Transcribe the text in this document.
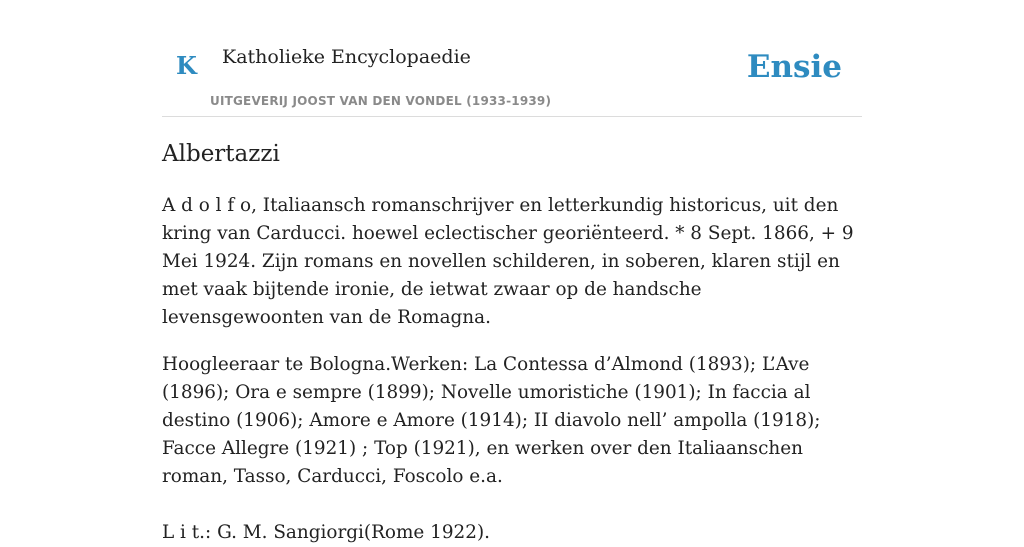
K Katholieke Encyclopaedie
UITGEVERIJ JOOST VAN DEN VONDEL (1933-1939)
Ensie
Albertazzi

A d o l f o, Italiaansch romanschrijver en letterkundig historicus, uit den kring van Carducci. hoewel eclectischer georiënteerd. * 8 Sept. 1866, + 9 Mei 1924. Zijn romans en novellen schilderen, in soberen, klaren stijl en met vaak bijtende ironie, de ietwat zwaar op de handsche levensgewoonten van de Romagna.

Hoogleeraar te Bologna.Werken: La Contessa d’Almond (1893); L’Ave (1896); Ora e sempre (1899); Novelle umoristiche (1901); In faccia al destino (1906); Amore e Amore (1914); II diavolo nell’ ampolla (1918); Facce Allegre (1921) ; Top (1921), en werken over den Italiaanschen roman, Tasso, Carducci, Foscolo e.a.

L i t.: G. M. Sangiorgi(Rome 1922).
